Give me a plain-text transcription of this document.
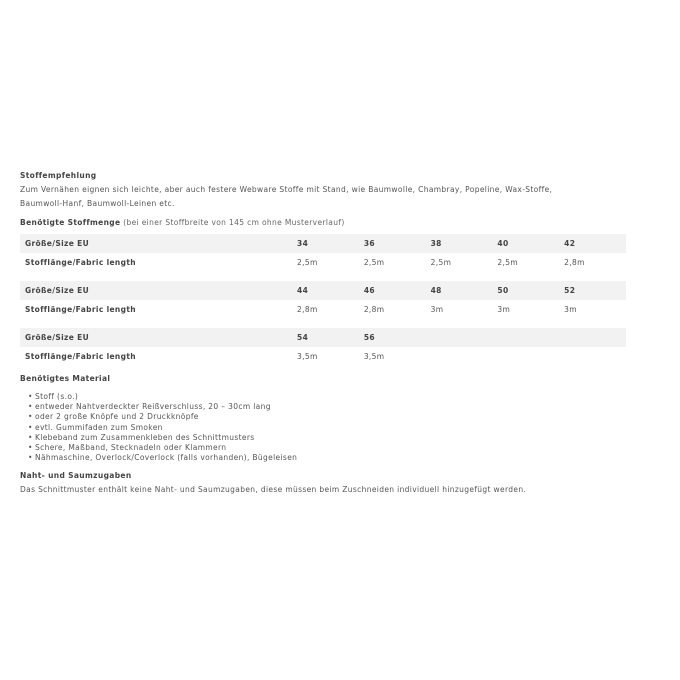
Stoffempfehlung

Zum Vernähen eignen sich leichte, aber auch festere Webware Stoffe mit Stand, wie Baumwolle, Chambray, Popeline, Wax-Stoffe,
Baumwoll-Hanf, Baumwoll-Leinen etc.

Benötigte Stoffmenge (bei einer Stoffbreite von 145 cm ohne Musterverlauf)

Größe/Size EU	34	36	38	40	42
Stofflänge/Fabric length	2,5m	2,5m	2,5m	2,5m	2,8m

Größe/Size EU	44	46	48	50	52
Stofflänge/Fabric length	2,8m	2,8m	3m	3m	3m

Größe/Size EU	54	56			
Stofflänge/Fabric length	3,5m	3,5m			

Benötigtes Material

• Stoff (s.o.)
• entweder Nahtverdeckter Reißverschluss, 20 – 30cm lang
• oder 2 große Knöpfe und 2 Druckknöpfe
• evtl. Gummifaden zum Smoken
• Klebeband zum Zusammenkleben des Schnittmusters
• Schere, Maßband, Stecknadeln oder Klammern
• Nähmaschine, Overlock/Coverlock (falls vorhanden), Bügeleisen

Naht- und Saumzugaben

Das Schnittmuster enthält keine Naht- und Saumzugaben, diese müssen beim Zuschneiden individuell hinzugefügt werden.
